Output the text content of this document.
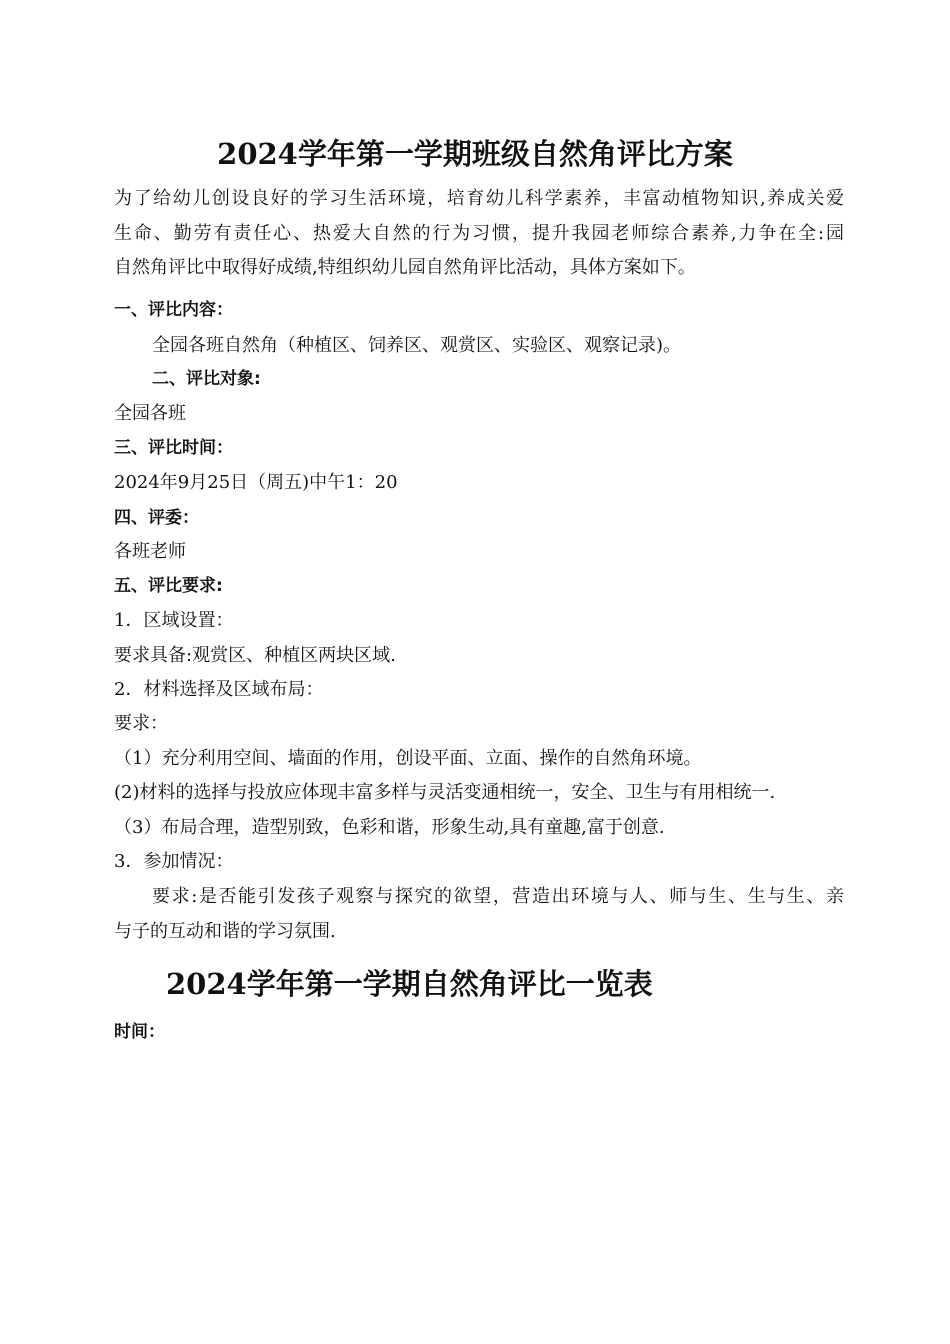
2024学年第一学期班级自然角评比方案
为了给幼儿创设良好的学习生活环境，培育幼儿科学素养，丰富动植物知识,养成关爱
生命、勤劳有责任心、热爱大自然的行为习惯，提升我园老师综合素养,力争在全:园
自然角评比中取得好成绩,特组织幼儿园自然角评比活动，具体方案如下。
一、评比内容：
全园各班自然角（种植区、饲养区、观赏区、实验区、观察记录)。
二、评比对象:
全园各班
三、评比时间：
2024年9月25日（周五)中午1：20
四、评委：
各班老师
五、评比要求:
1．区域设置：
要求具备:观赏区、种植区两块区域.
2．材料选择及区域布局：
要求：
（1）充分利用空间、墙面的作用，创设平面、立面、操作的自然角环境。
(2)材料的选择与投放应体现丰富多样与灵活变通相统一，安全、卫生与有用相统一.
（3）布局合理，造型别致，色彩和谐，形象生动,具有童趣,富于创意.
3．参加情况：
要求:是否能引发孩子观察与探究的欲望，营造出环境与人、师与生、生与生、亲
与子的互动和谐的学习氛围.
2024学年第一学期自然角评比一览表
时间：
